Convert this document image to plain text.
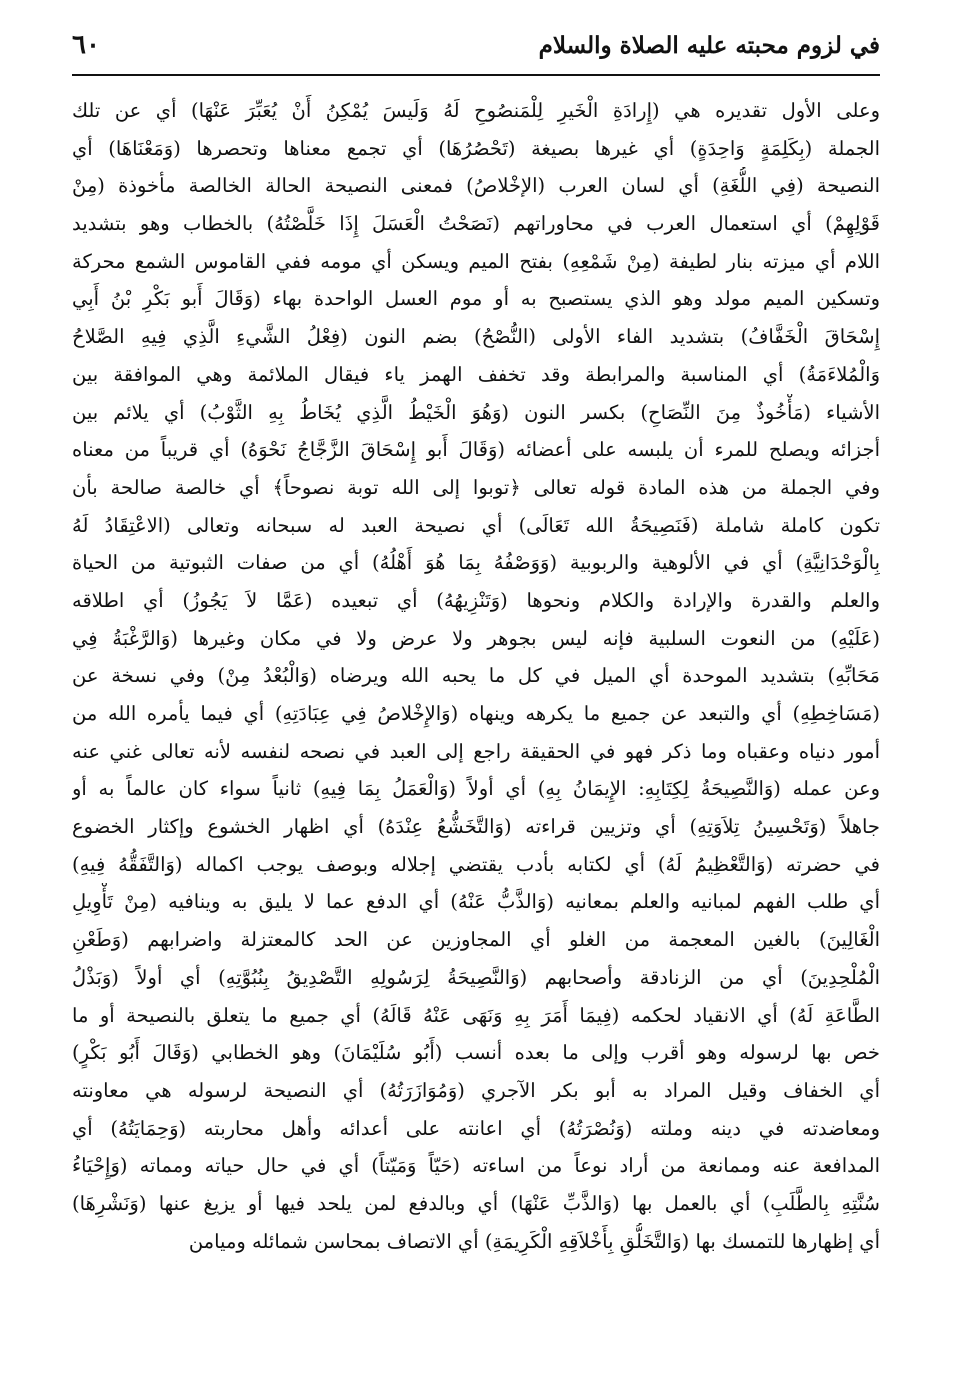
في لزوم محبته عليه الصلاة والسلام
٦٠
وعلى الأول تقديره هي (إِرادَةِ الْخَيرِ لِلْمَنصُوحِ لَهُ وَلَيسَ يُمْكِنُ أَنْ يُعَبِّرَ عَنْهَا) أي عن تلك
الجملة (بِكَلِمَةٍ وَاحِدَةٍ) أي غيرها بصيغة (تَحْصُرُهَا) أي تجمع معناها وتحصرها (وَمَعْنَاهَا) أي
النصيحة (فِي اللُّغَةِ) أي لسان العرب (الإخْلاصُ) فمعنى النصيحة الحالة الخالصة مأخوذة (مِنْ
قَوْلِهِمْ) أي استعمال العرب في محاوراتهم (نَصَحْتُ الْعَسَلَ إِذَا خَلَّصْتُهُ) بالخطاب وهو بتشديد
اللام أي ميزته بنار لطيفة (مِنْ شَمْعِهِ) بفتح الميم ويسكن أي مومه ففي القاموس الشمع محركة
وتسكين الميم مولد وهو الذي يستصبح به أو موم العسل الواحدة بهاء (وَقَالَ أَبو بَكْرِ بْنُ أَبِي
إِسْحَاقَ الْخَفَّافُ) بتشديد الفاء الأولى (النُّصْحُ) بضم النون (فِعْلُ الشَّيءِ الَّذِي فِيهِ الصَّلاحُ
وَالْمُلاءَمَةُ) أي المناسبة والمرابطة وقد تخفف الهمز ياء فيقال الملائمة وهي الموافقة بين
الأشياء (مَأْخُوذٌ مِنَ النِّصَاحِ) بكسر النون (وَهُوَ الْخَيْطُ الَّذِي يُخَاطُ بِهِ الثَّوْبُ) أي يلائم بين
أجزائه ويصلح للمرء أن يلبسه على أعضائه (وَقَالَ أَبو إِسْحَاقَ الزَّجَّاجُ نَحْوَهُ) أي قريباً من معناه
وفي الجملة من هذه المادة قوله تعالى ﴿توبوا إلى الله توبة نصوحاً﴾ أي خالصة صالحة بأن
تكون كاملة شاملة (فَنَصِيحَةُ الله تَعَالَى) أي نصيحة العبد له سبحانه وتعالى (الاعْتِقَادُ لَهُ
بِالْوَحْدَانِيَّةِ) أي في الألوهية والربوبية (وَوَصْفُهُ بِمَا هُوَ أَهْلُهُ) أي من صفات الثبوتية من الحياة
والعلم والقدرة والإرادة والكلام ونحوها (وَتَنْزِيهُهُ) أي تبعيده (عَمَّا لاَ يَجُوزُ) أي اطلاقه
(عَلَيْهِ) من النعوت السلبية فإنه ليس بجوهر ولا عرض ولا في مكان وغيرها (وَالرَّغْبَةُ فِي
مَحَابِّهِ) بتشديد الموحدة أي الميل في كل ما يحبه الله ويرضاه (وَالْبُعْدُ مِنْ) وفي نسخة عن
(مَسَاخِطِهِ) أي والتبعد عن جميع ما يكرهه وينهاه (وَالإِخْلاصُ فِي عِبَادَتِهِ) أي فيما يأمره الله من
أمور دنياه وعقباه وما ذكر فهو في الحقيقة راجع إلى العبد في نصحه لنفسه لأنه تعالى غني عنه
وعن عمله (وَالنَّصِيحَةُ لِكِتَابِهِ: الإِيمَانُ بِهِ) أي أولاً (وَالْعَمَلُ بِمَا فِيهِ) ثانياً سواء كان عالماً به أو
جاهلاً (وَتَحْسِينُ تِلاَوَتِهِ) أي وتزيين قراءته (وَالتَّخَشُّعُ عِنْدَهُ) أي اظهار الخشوع وإكثار الخضوع
في حضرته (وَالتَّعْظِيمُ لَهُ) أي لكتابه بأدب يقتضي إجلاله وبوصف يوجب اكماله (وَالتَّفَقُّهُ فِيهِ)
أي طلب الفهم لمبانيه والعلم بمعانيه (وَالذَّبُّ عَنْهُ) أي الدفع عما لا يليق به وينافيه (مِنْ تَأْوِيلِ
الْغَالِينَ) بالغين المعجمة من الغلو أي المجاوزين عن الحد كالمعتزلة واضرابهم (وَطَعْنِ
الْمُلْحِدِينَ) أي من الزنادقة وأصحابهم (وَالنَّصِيحَةُ لِرَسُولِهِ التَّصْدِيقُ بِنُبُوَّتِهِ) أي أولاً (وَبَذْلُ
الطَّاعَةِ لَهُ) أي الانقياد لحكمه (فِيمَا أَمَرَ بِهِ وَنَهَى عَنْهُ قَالَهُ) أي جميع ما يتعلق بالنصيحة أو ما
خص بها لرسوله وهو أقرب وإلى ما بعده أنسب (أَبُو سُلَيْمَانَ) وهو الخطابي (وَقَالَ أَبُو بَكْرٍ)
أي الخفاف وقيل المراد به أبو بكر الآجري (وَمُوَازَرَتُهُ) أي النصيحة لرسوله هي معاونته
ومعاضدته في دينه وملته (وَنُصْرَتُهُ) أي اعانته على أعدائه وأهل محاربته (وَحِمَايَتُهُ) أي
المدافعة عنه وممانعة من أراد نوعاً من اساءته (حَيّاً وَمَيّتاً) أي في حال حياته ومماته (وَإِحْيَاءُ
سُنَّتِهِ بِالطَّلَبِ) أي بالعمل بها (وَالذَّبِّ عَنْهَا) أي وبالدفع لمن يلحد فيها أو يزيغ عنها (وَنَشْرِهَا)
أي إظهارها للتمسك بها (وَالتَّخَلُّقِ بِأَخْلاَقِهِ الْكَرِيمَةِ) أي الاتصاف بمحاسن شمائله وميامن
